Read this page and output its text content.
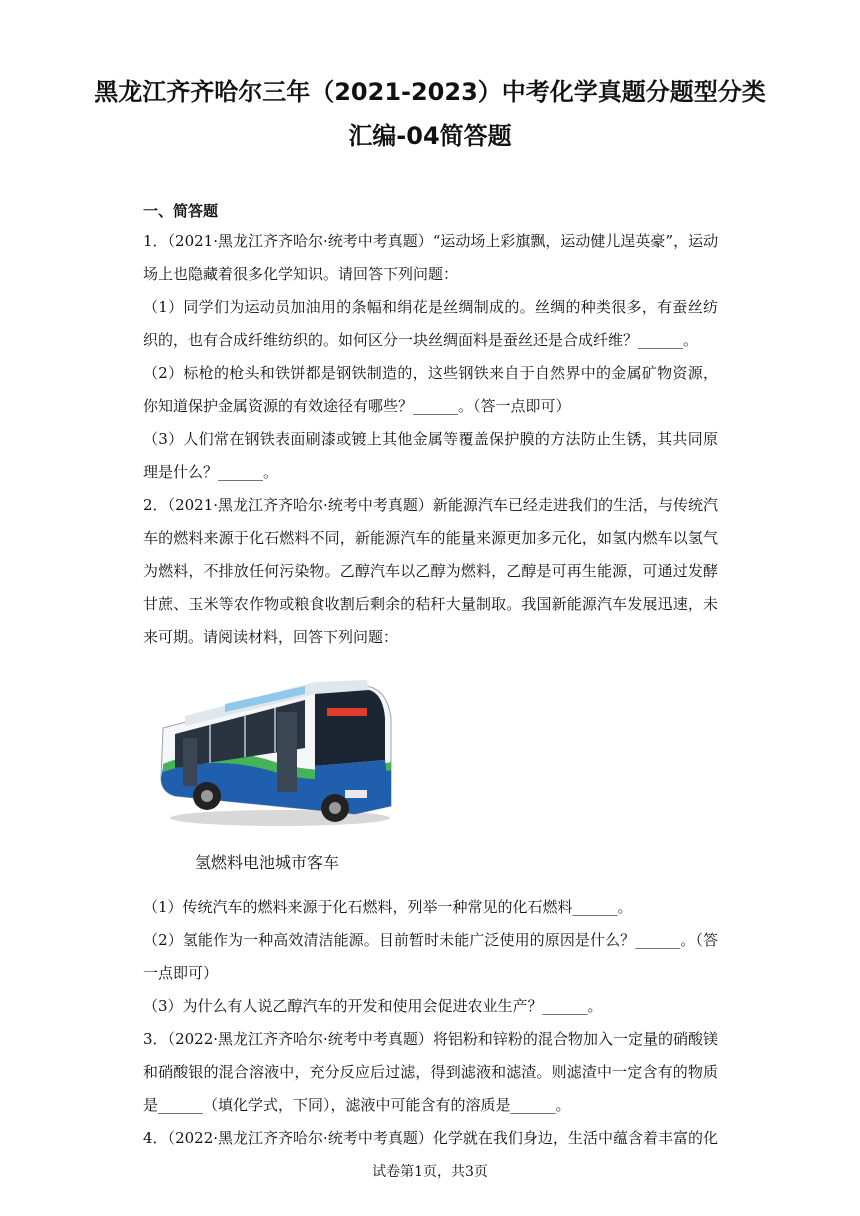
黑龙江齐齐哈尔三年（2021-2023）中考化学真题分题型分类
汇编-04简答题
一、简答题
1．（2021·黑龙江齐齐哈尔·统考中考真题）“运动场上彩旗飘，运动健儿逞英豪”，运动
场上也隐藏着很多化学知识。请回答下列问题：
（1）同学们为运动员加油用的条幅和绢花是丝绸制成的。丝绸的种类很多，有蚕丝纺
织的，也有合成纤维纺织的。如何区分一块丝绸面料是蚕丝还是合成纤维？______。
（2）标枪的枪头和铁饼都是钢铁制造的，这些钢铁来自于自然界中的金属矿物资源，
你知道保护金属资源的有效途径有哪些？______。（答一点即可）
（3）人们常在钢铁表面刷漆或镀上其他金属等覆盖保护膜的方法防止生锈，其共同原
理是什么？______。
2．（2021·黑龙江齐齐哈尔·统考中考真题）新能源汽车已经走进我们的生活，与传统汽
车的燃料来源于化石燃料不同，新能源汽车的能量来源更加多元化，如氢内燃车以氢气
为燃料，不排放任何污染物。乙醇汽车以乙醇为燃料，乙醇是可再生能源，可通过发酵
甘蔗、玉米等农作物或粮食收割后剩余的秸秆大量制取。我国新能源汽车发展迅速，未
来可期。请阅读材料，回答下列问题：
氢燃料电池城市客车
（1）传统汽车的燃料来源于化石燃料，列举一种常见的化石燃料______。
（2）氢能作为一种高效清洁能源。目前暂时未能广泛使用的原因是什么？______。（答
一点即可）
（3）为什么有人说乙醇汽车的开发和使用会促进农业生产？______。
3．（2022·黑龙江齐齐哈尔·统考中考真题）将铝粉和锌粉的混合物加入一定量的硝酸镁
和硝酸银的混合溶液中，充分反应后过滤，得到滤液和滤渣。则滤渣中一定含有的物质
是______（填化学式，下同），滤液中可能含有的溶质是______。
4．（2022·黑龙江齐齐哈尔·统考中考真题）化学就在我们身边，生活中蕴含着丰富的化
试卷第1页，共3页
